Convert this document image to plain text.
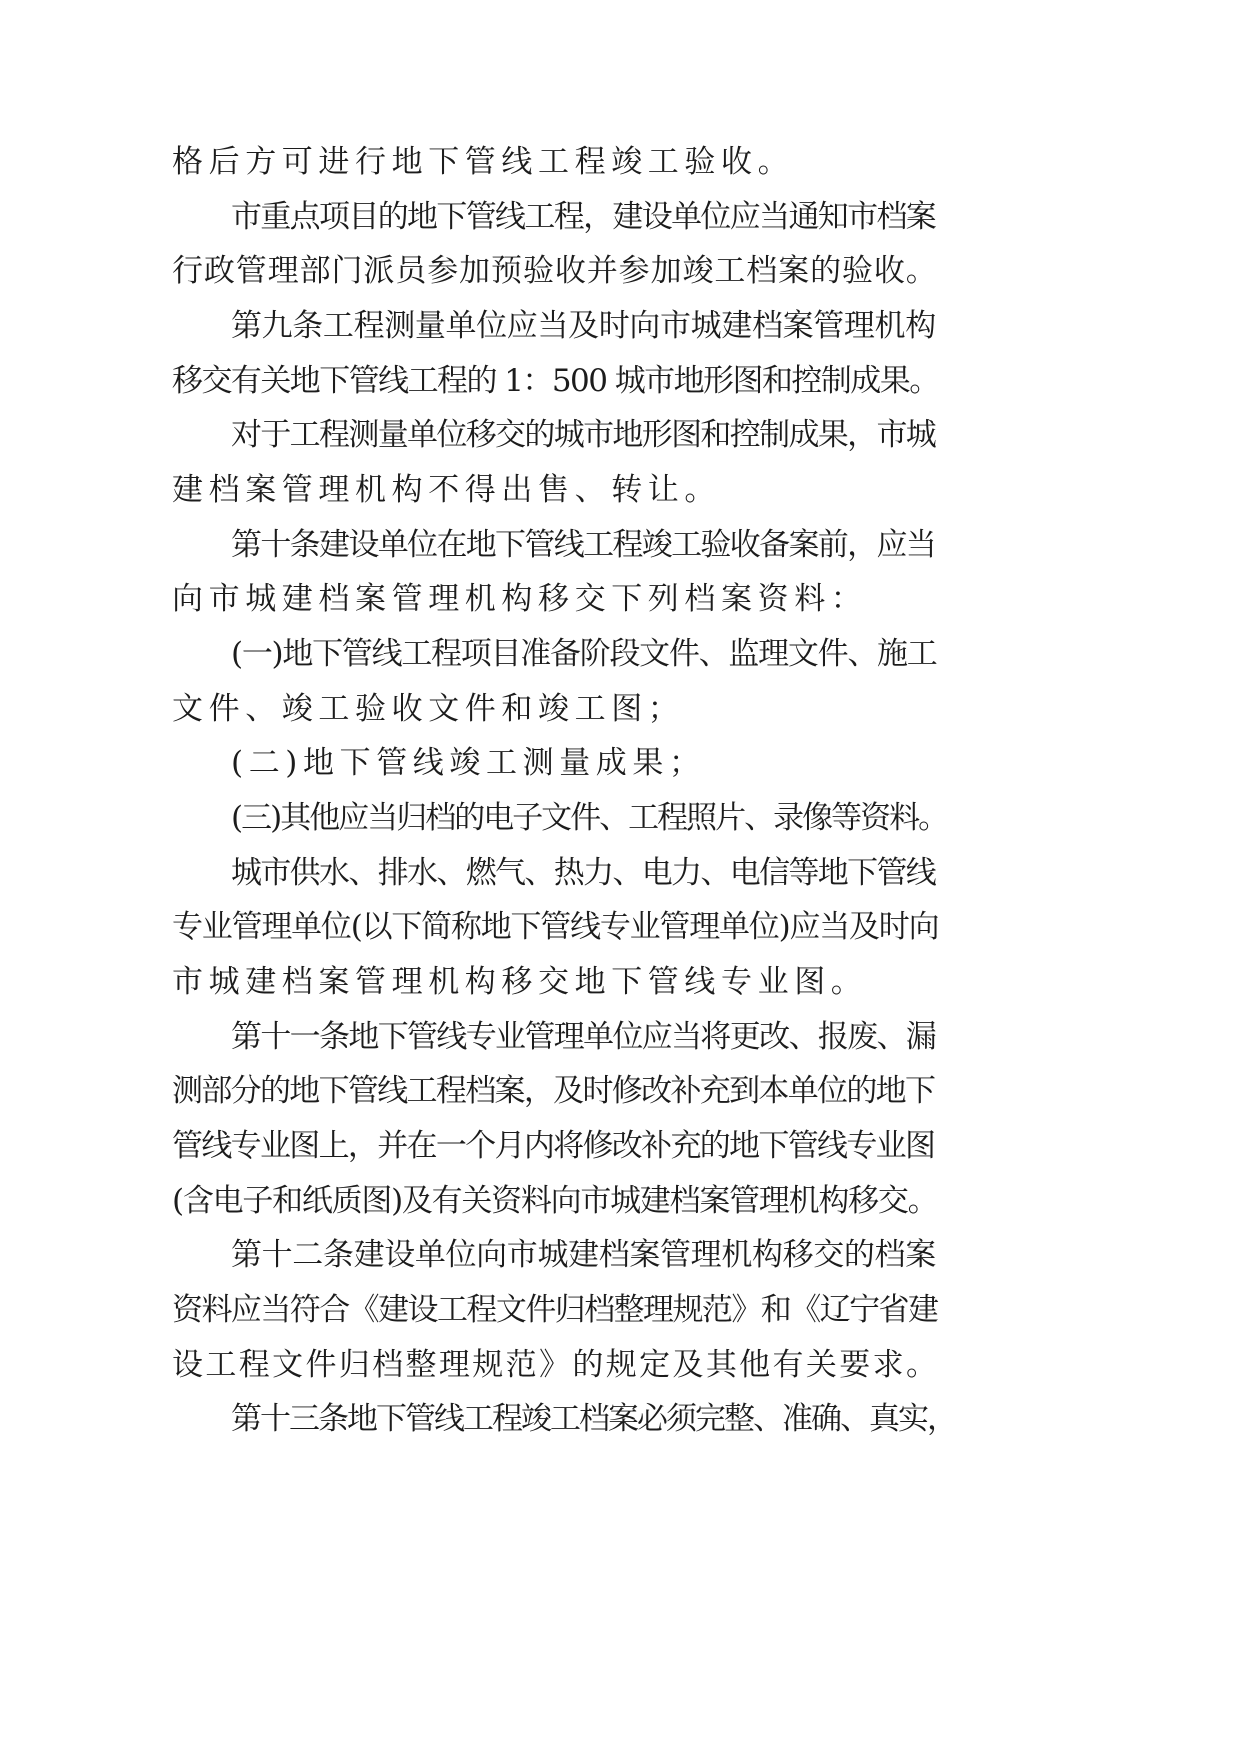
格后方可进行地下管线工程竣工验收。
市重点项目的地下管线工程，建设单位应当通知市档案
行政管理部门派员参加预验收并参加竣工档案的验收。
第九条工程测量单位应当及时向市城建档案管理机构
移交有关地下管线工程的 1：500 城市地形图和控制成果。
对于工程测量单位移交的城市地形图和控制成果，市城
建档案管理机构不得出售、转让。
第十条建设单位在地下管线工程竣工验收备案前，应当
向市城建档案管理机构移交下列档案资料：
(一)地下管线工程项目准备阶段文件、监理文件、施工
文件、竣工验收文件和竣工图；
(二)地下管线竣工测量成果；
(三)其他应当归档的电子文件、工程照片、录像等资料。
城市供水、排水、燃气、热力、电力、电信等地下管线
专业管理单位(以下简称地下管线专业管理单位)应当及时向
市城建档案管理机构移交地下管线专业图。
第十一条地下管线专业管理单位应当将更改、报废、漏
测部分的地下管线工程档案，及时修改补充到本单位的地下
管线专业图上，并在一个月内将修改补充的地下管线专业图
(含电子和纸质图)及有关资料向市城建档案管理机构移交。
第十二条建设单位向市城建档案管理机构移交的档案
资料应当符合《建设工程文件归档整理规范》和《辽宁省建
设工程文件归档整理规范》的规定及其他有关要求。
第十三条地下管线工程竣工档案必须完整、准确、真实，
